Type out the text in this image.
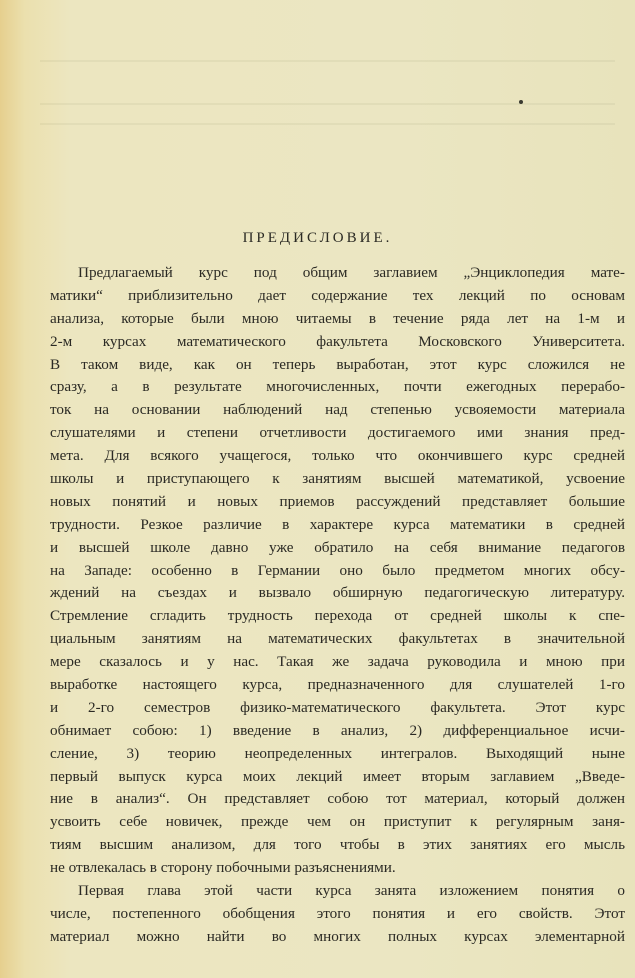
ПРЕДИСЛОВИЕ.
Предлагаемый курс под общим заглавием „Энциклопедия мате-
матики“ приблизительно дает содержание тех лекций по основам
анализа, которые были мною читаемы в течение ряда лет на 1-м и
2-м курсах математического факультета Московского Университета.
В таком виде, как он теперь выработан, этот курс сложился не
сразу, а в результате многочисленных, почти ежегодных перерабо-
ток на основании наблюдений над степенью усвояемости материала
слушателями и степени отчетливости достигаемого ими знания пред-
мета. Для всякого учащегося, только что окончившего курс средней
школы и приступающего к занятиям высшей математикой, усвоение
новых понятий и новых приемов рассуждений представляет большие
трудности. Резкое различие в характере курса математики в средней
и высшей школе давно уже обратило на себя внимание педагогов
на Западе: особенно в Германии оно было предметом многих обсу-
ждений на съездах и вызвало обширную педагогическую литературу.
Стремление сгладить трудность перехода от средней школы к спе-
циальным занятиям на математических факультетах в значительной
мере сказалось и у нас. Такая же задача руководила и мною при
выработке настоящего курса, предназначенного для слушателей 1-го
и 2-го семестров физико-математического факультета. Этот курс
обнимает собою: 1) введение в анализ, 2) дифференциальное исчи-
сление, 3) теорию неопределенных интегралов. Выходящий ныне
первый выпуск курса моих лекций имеет вторым заглавием „Введе-
ние в анализ“. Он представляет собою тот материал, который должен
усвоить себе новичек, прежде чем он приступит к регулярным заня-
тиям высшим анализом, для того чтобы в этих занятиях его мысль
не отвлекалась в сторону побочными разъяснениями.
Первая глава этой части курса занята изложением понятия о
числе, постепенного обобщения этого понятия и его свойств. Этот
материал можно найти во многих полных курсах элементарной
